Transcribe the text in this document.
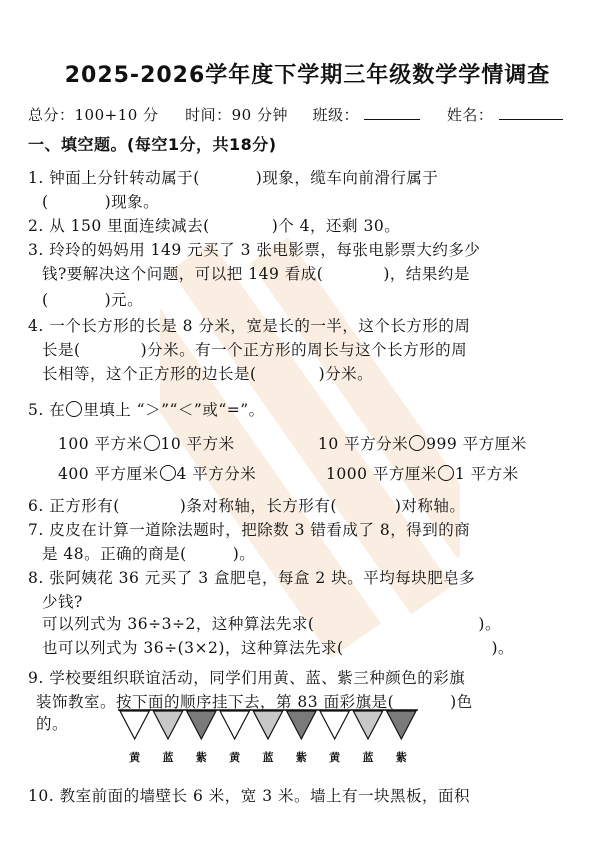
2025-2026学年度下学期三年级数学学情调查
总分：100+10 分 时间：90 分钟 班级：	姓名：
一、填空题。(每空1分，共18分)
1. 钟面上分针转动属于(	)现象，缆车向前滑行属于
(	)现象。
2. 从 150 里面连续减去(	)个 4，还剩 30。
3. 玲玲的妈妈用 149 元买了 3 张电影票，每张电影票大约多少
钱?要解决这个问题，可以把 149 看成(	)，结果约是
(	)元。
4. 一个长方形的长是 8 分米，宽是长的一半，这个长方形的周
长是(	)分米。有一个正方形的周长与这个长方形的周
长相等，这个正方形的边长是(	)分米。
5. 在 里填上 “＞”“＜”或“=”。
100 平方米 10 平方米	10 平方分米 999 平方厘米
400 平方厘米 4 平方分米	1000 平方厘米 1 平方米
6. 正方形有(	)条对称轴，长方形有(	)对称轴。
7. 皮皮在计算一道除法题时，把除数 3 错看成了 8，得到的商
是 48。正确的商是(	)。
8. 张阿姨花 36 元买了 3 盒肥皂，每盒 2 块。平均每块肥皂多
少钱?
可以列式为 36÷3÷2，这种算法先求(	)。
也可以列式为 36÷(3×2)，这种算法先求(	)。
9. 学校要组织联谊活动，同学们用黄、蓝、紫三种颜色的彩旗
装饰教室。按下面的顺序挂下去，第 83 面彩旗是(	)色
的。
黄	蓝	紫	黄	蓝	紫	黄	蓝	紫
10. 教室前面的墙壁长 6 米，宽 3 米。墙上有一块黑板，面积
